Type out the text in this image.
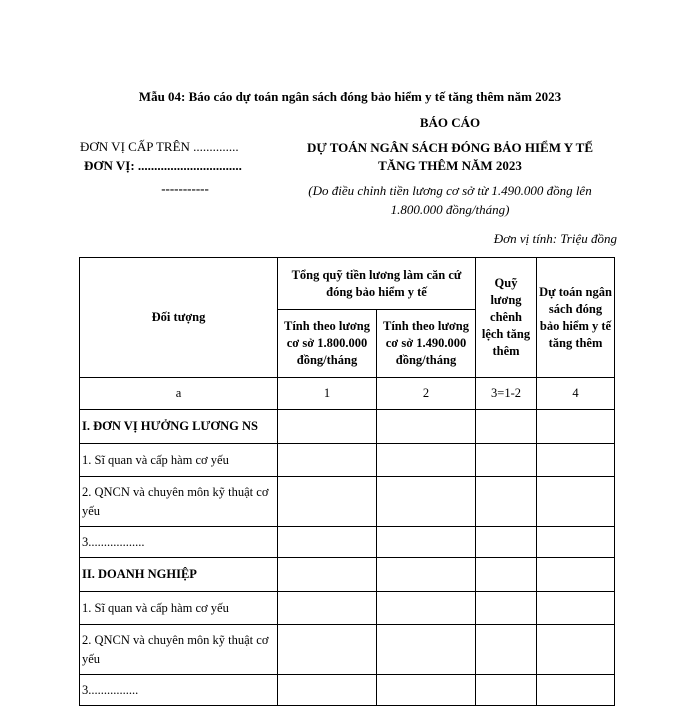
Mẫu 04: Báo cáo dự toán ngân sách đóng bảo hiểm y tế tăng thêm năm 2023
ĐƠN VỊ CẤP TRÊN ..............
ĐƠN VỊ: ................................
-----------
BÁO CÁO
DỰ TOÁN NGÂN SÁCH ĐÓNG BẢO HIỂM Y TẾ TĂNG THÊM NĂM 2023
(Do điều chỉnh tiền lương cơ sở từ 1.490.000 đồng lên 1.800.000 đồng/tháng)
Đơn vị tính: Triệu đồng
Đối tượng	Tổng quỹ tiền lương làm căn cứ đóng bảo hiểm y tế		Quỹ lương chênh lệch tăng thêm	Dự toán ngân sách đóng bảo hiểm y tế tăng thêm
	Tính theo lương cơ sở 1.800.000 đồng/tháng	Tính theo lương cơ sở 1.490.000 đồng/tháng		
a	1	2	3=1-2	4
I. ĐƠN VỊ HƯỞNG LƯƠNG NS				
1. Sĩ quan và cấp hàm cơ yếu				
2. QNCN và chuyên môn kỹ thuật cơ yếu				
3..................				
II. DOANH NGHIỆP				
1. Sĩ quan và cấp hàm cơ yếu				
2. QNCN và chuyên môn kỹ thuật cơ yếu				
3................				
